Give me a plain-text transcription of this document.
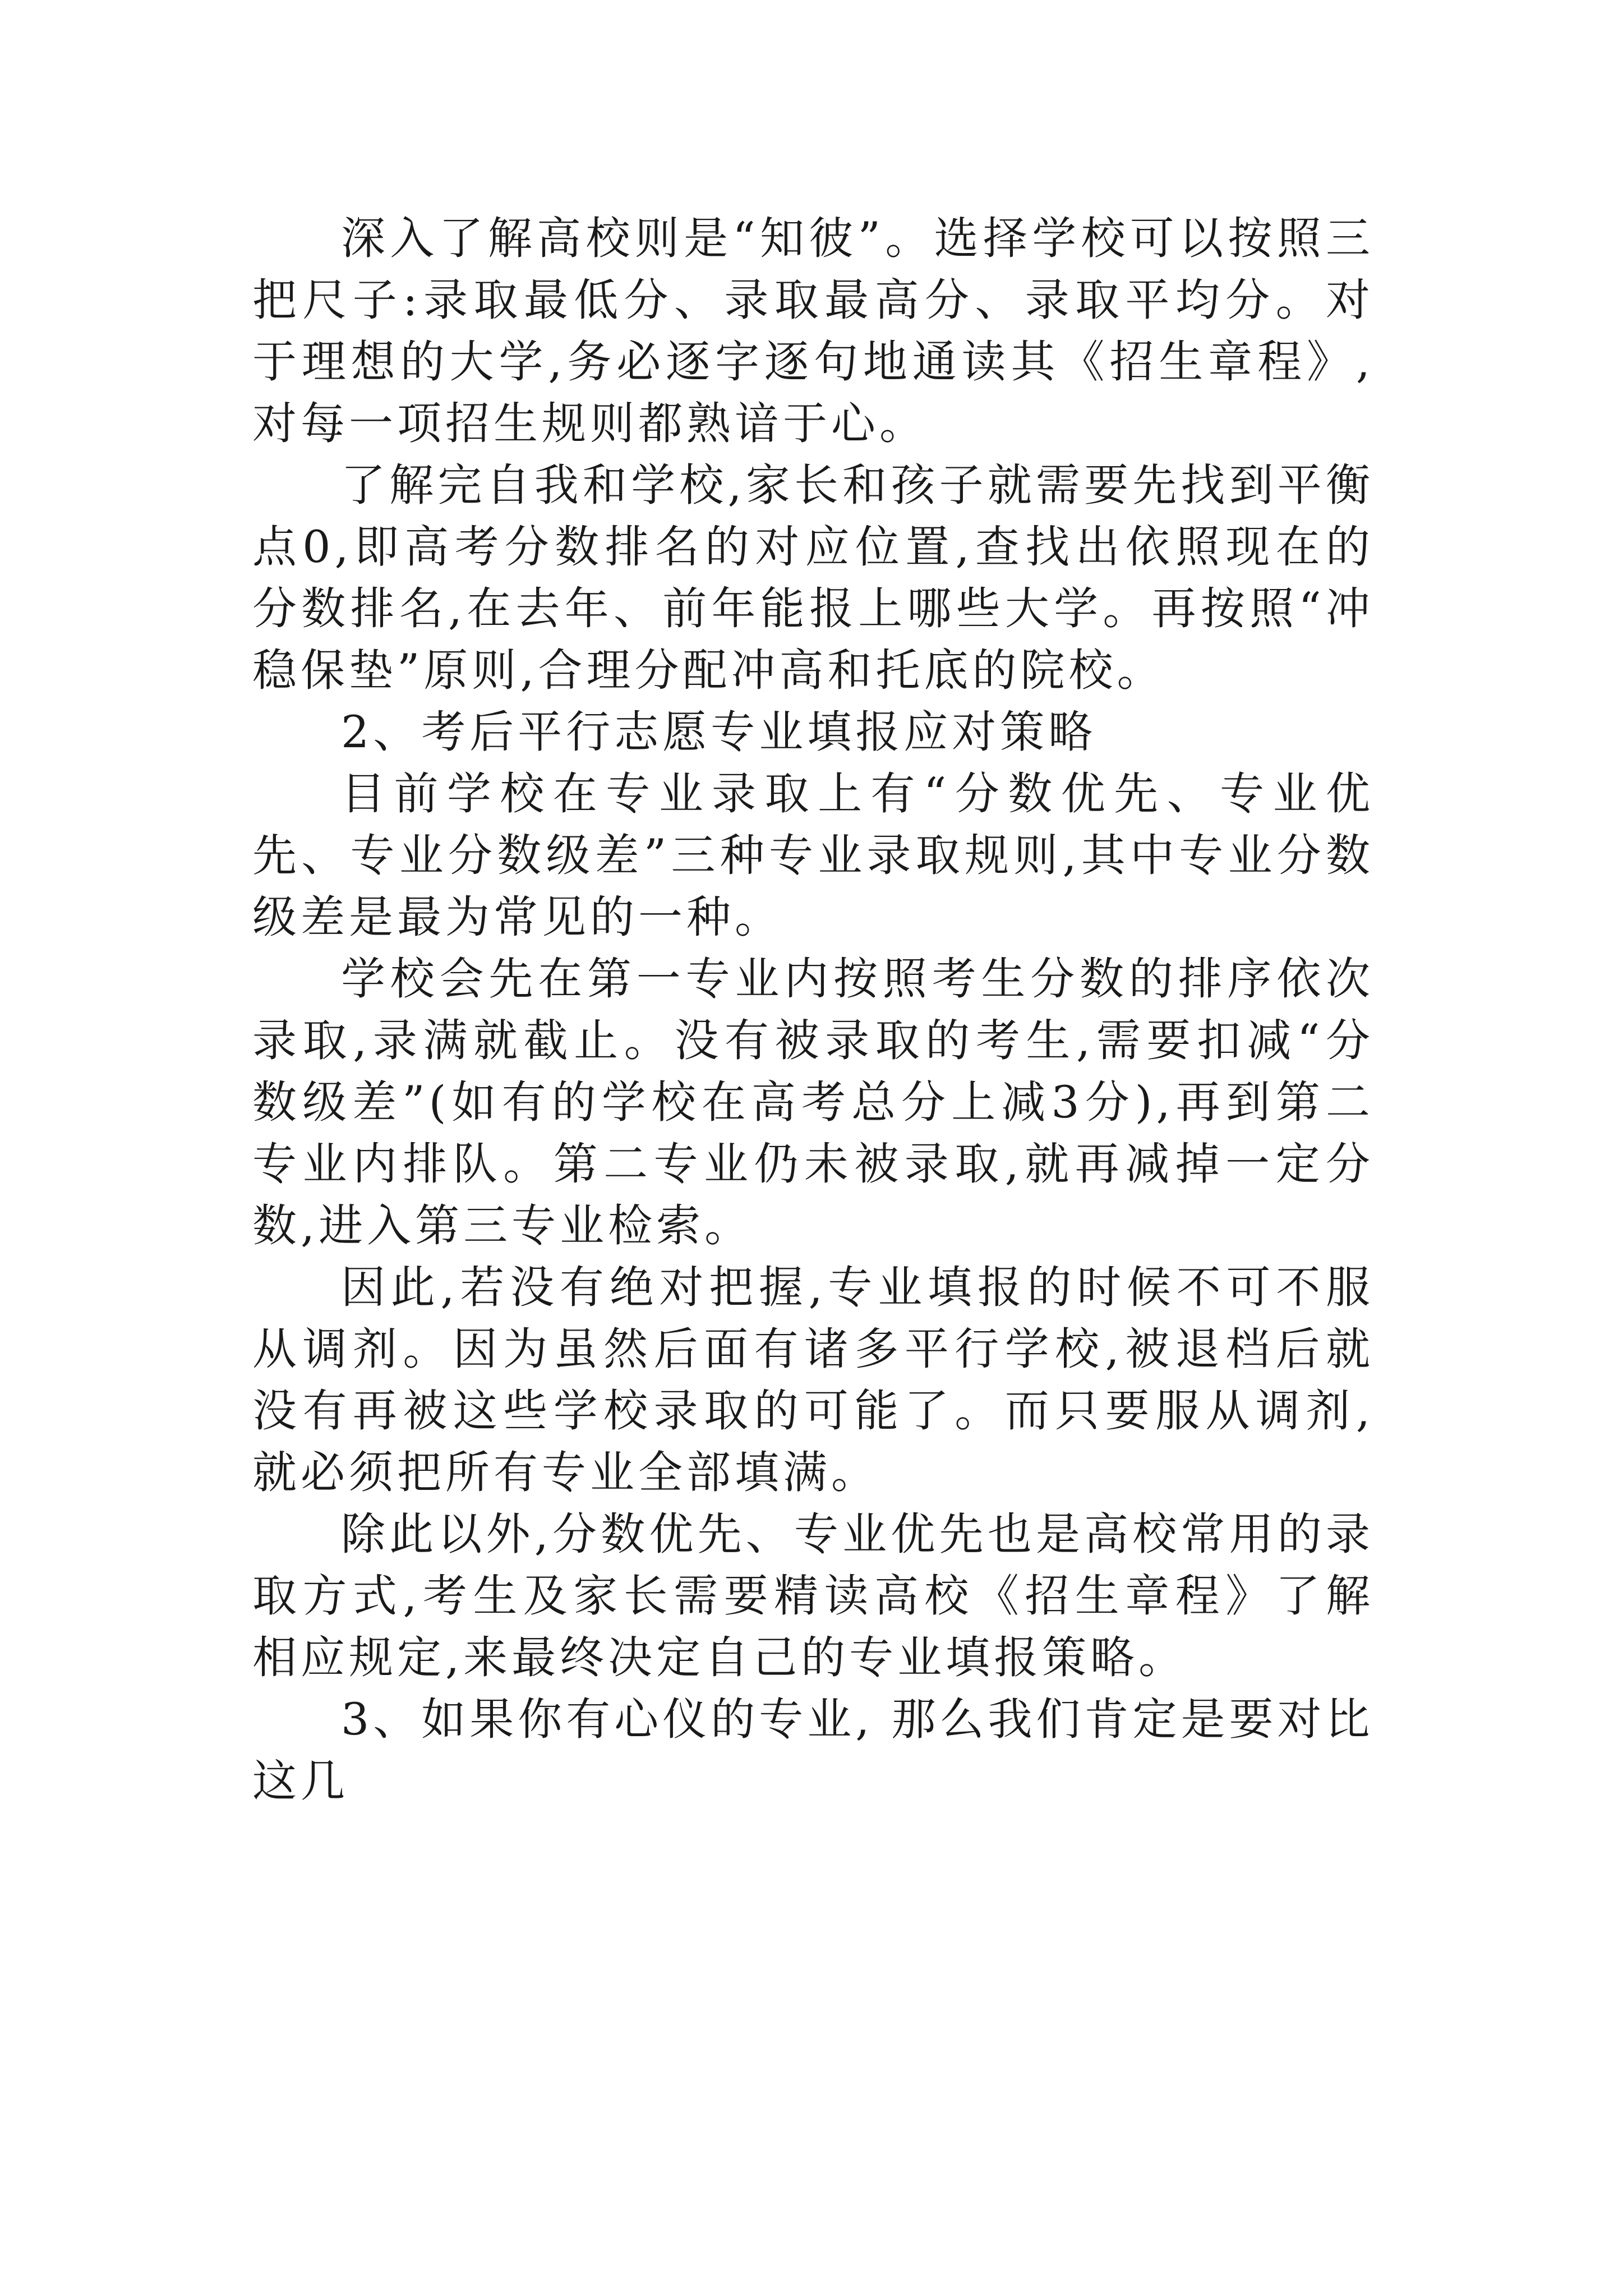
深入了解高校则是“知彼”。选择学校可以按照三把尺子:录取最低分、录取最高分、录取平均分。对于理想的大学,务必逐字逐句地通读其《招生章程》,对每一项招生规则都熟谙于心。

了解完自我和学校,家长和孩子就需要先找到平衡点0,即高考分数排名的对应位置,查找出依照现在的分数排名,在去年、前年能报上哪些大学。再按照“冲稳保垫”原则,合理分配冲高和托底的院校。

2、考后平行志愿专业填报应对策略

目前学校在专业录取上有“分数优先、专业优先、专业分数级差”三种专业录取规则,其中专业分数级差是最为常见的一种。

学校会先在第一专业内按照考生分数的排序依次录取,录满就截止。没有被录取的考生,需要扣减“分数级差”(如有的学校在高考总分上减3分),再到第二专业内排队。第二专业仍未被录取,就再减掉一定分数,进入第三专业检索。

因此,若没有绝对把握,专业填报的时候不可不服从调剂。因为虽然后面有诸多平行学校,被退档后就没有再被这些学校录取的可能了。而只要服从调剂,就必须把所有专业全部填满。

除此以外,分数优先、专业优先也是高校常用的录取方式,考生及家长需要精读高校《招生章程》了解相应规定,来最终决定自己的专业填报策略。

3、如果你有心仪的专业, 那么我们肯定是要对比这几
